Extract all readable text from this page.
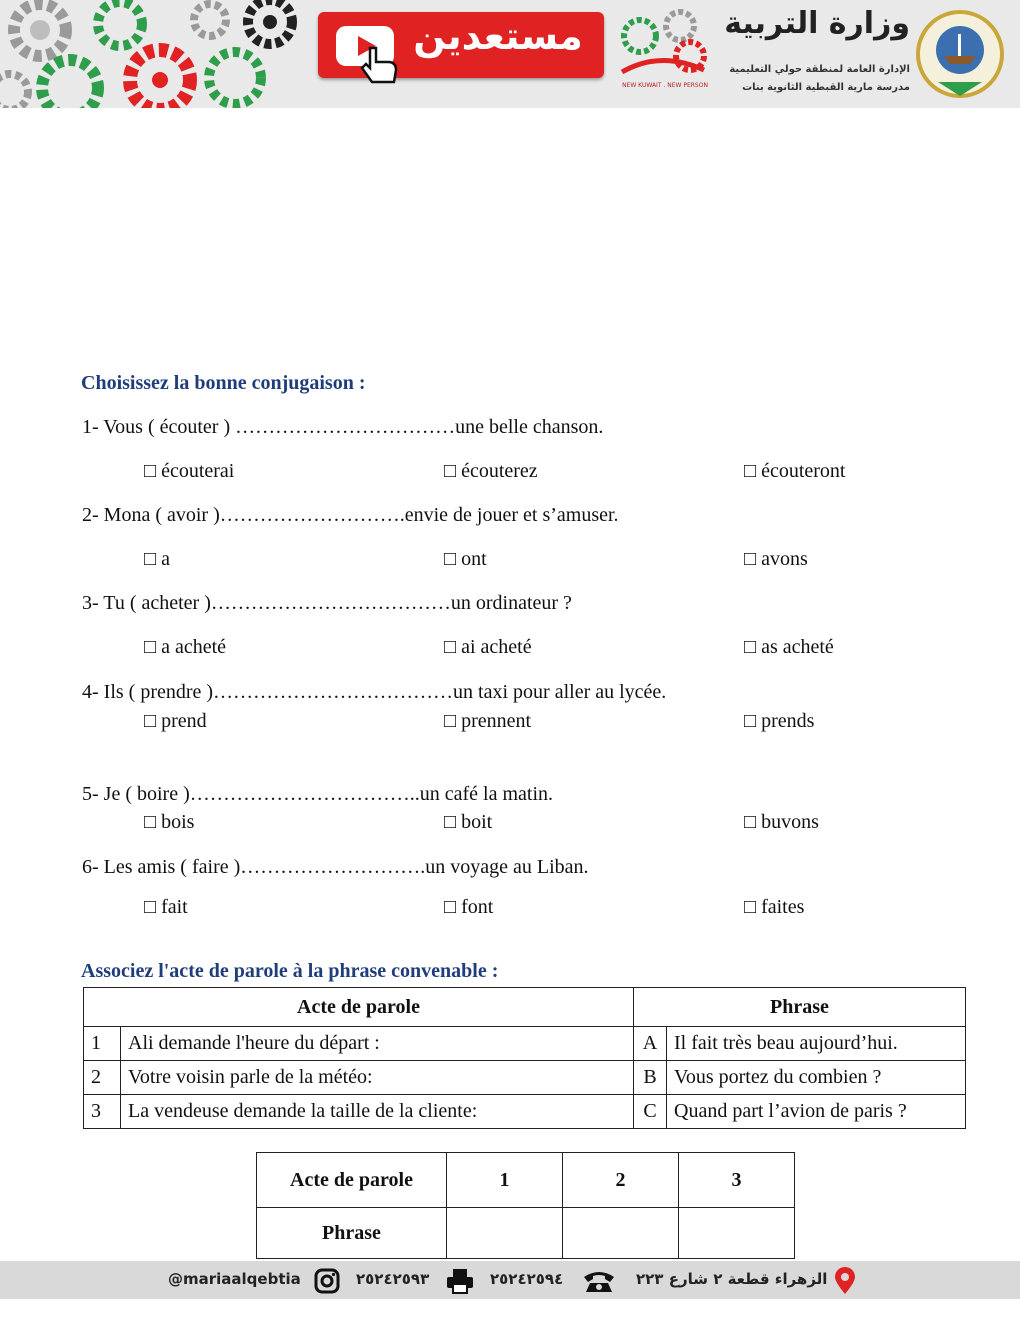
مستعدين	وزارة التربية
الإدارة العامة لمنطقة حولي التعليمية
مدرسة مارية القبطية الثانوية بنات
NEW KUWAIT . NEW PERSON
Choisissez la bonne conjugaison :
1- Vous ( écouter ) ……………………………une belle chanson.
□ écouterai	□ écouterez	□ écouteront
2- Mona ( avoir )……………………….envie de jouer et s’amuser.
□ a	□ ont	□ avons
3- Tu ( acheter )………………………………un ordinateur ?
□ a acheté	□ ai acheté	□ as acheté
4- Ils ( prendre )………………………………un taxi pour aller au lycée.
□ prend	□ prennent	□ prends
5- Je ( boire )……………………………..un café la matin.
□ bois	□ boit	□ buvons
6- Les amis ( faire )……………………….un voyage au Liban.
□ fait	□ font	□ faites
Associez l'acte de parole à la phrase convenable :
Acte de parole		Phrase	
1	Ali demande l'heure du départ :	A	Il fait très beau aujourd’hui.
2	Votre voisin parle de la météo:	B	Vous portez du combien ?
3	La vendeuse demande la taille de la cliente:	C	Quand part l’avion de paris ?
Acte de parole	1	2	3
Phrase			
@mariaalqebtia	٢٥٢٤٢٥٩٣	٢٥٢٤٢٥٩٤	الزهراء قطعة ٢ شارع ٢٢٣
